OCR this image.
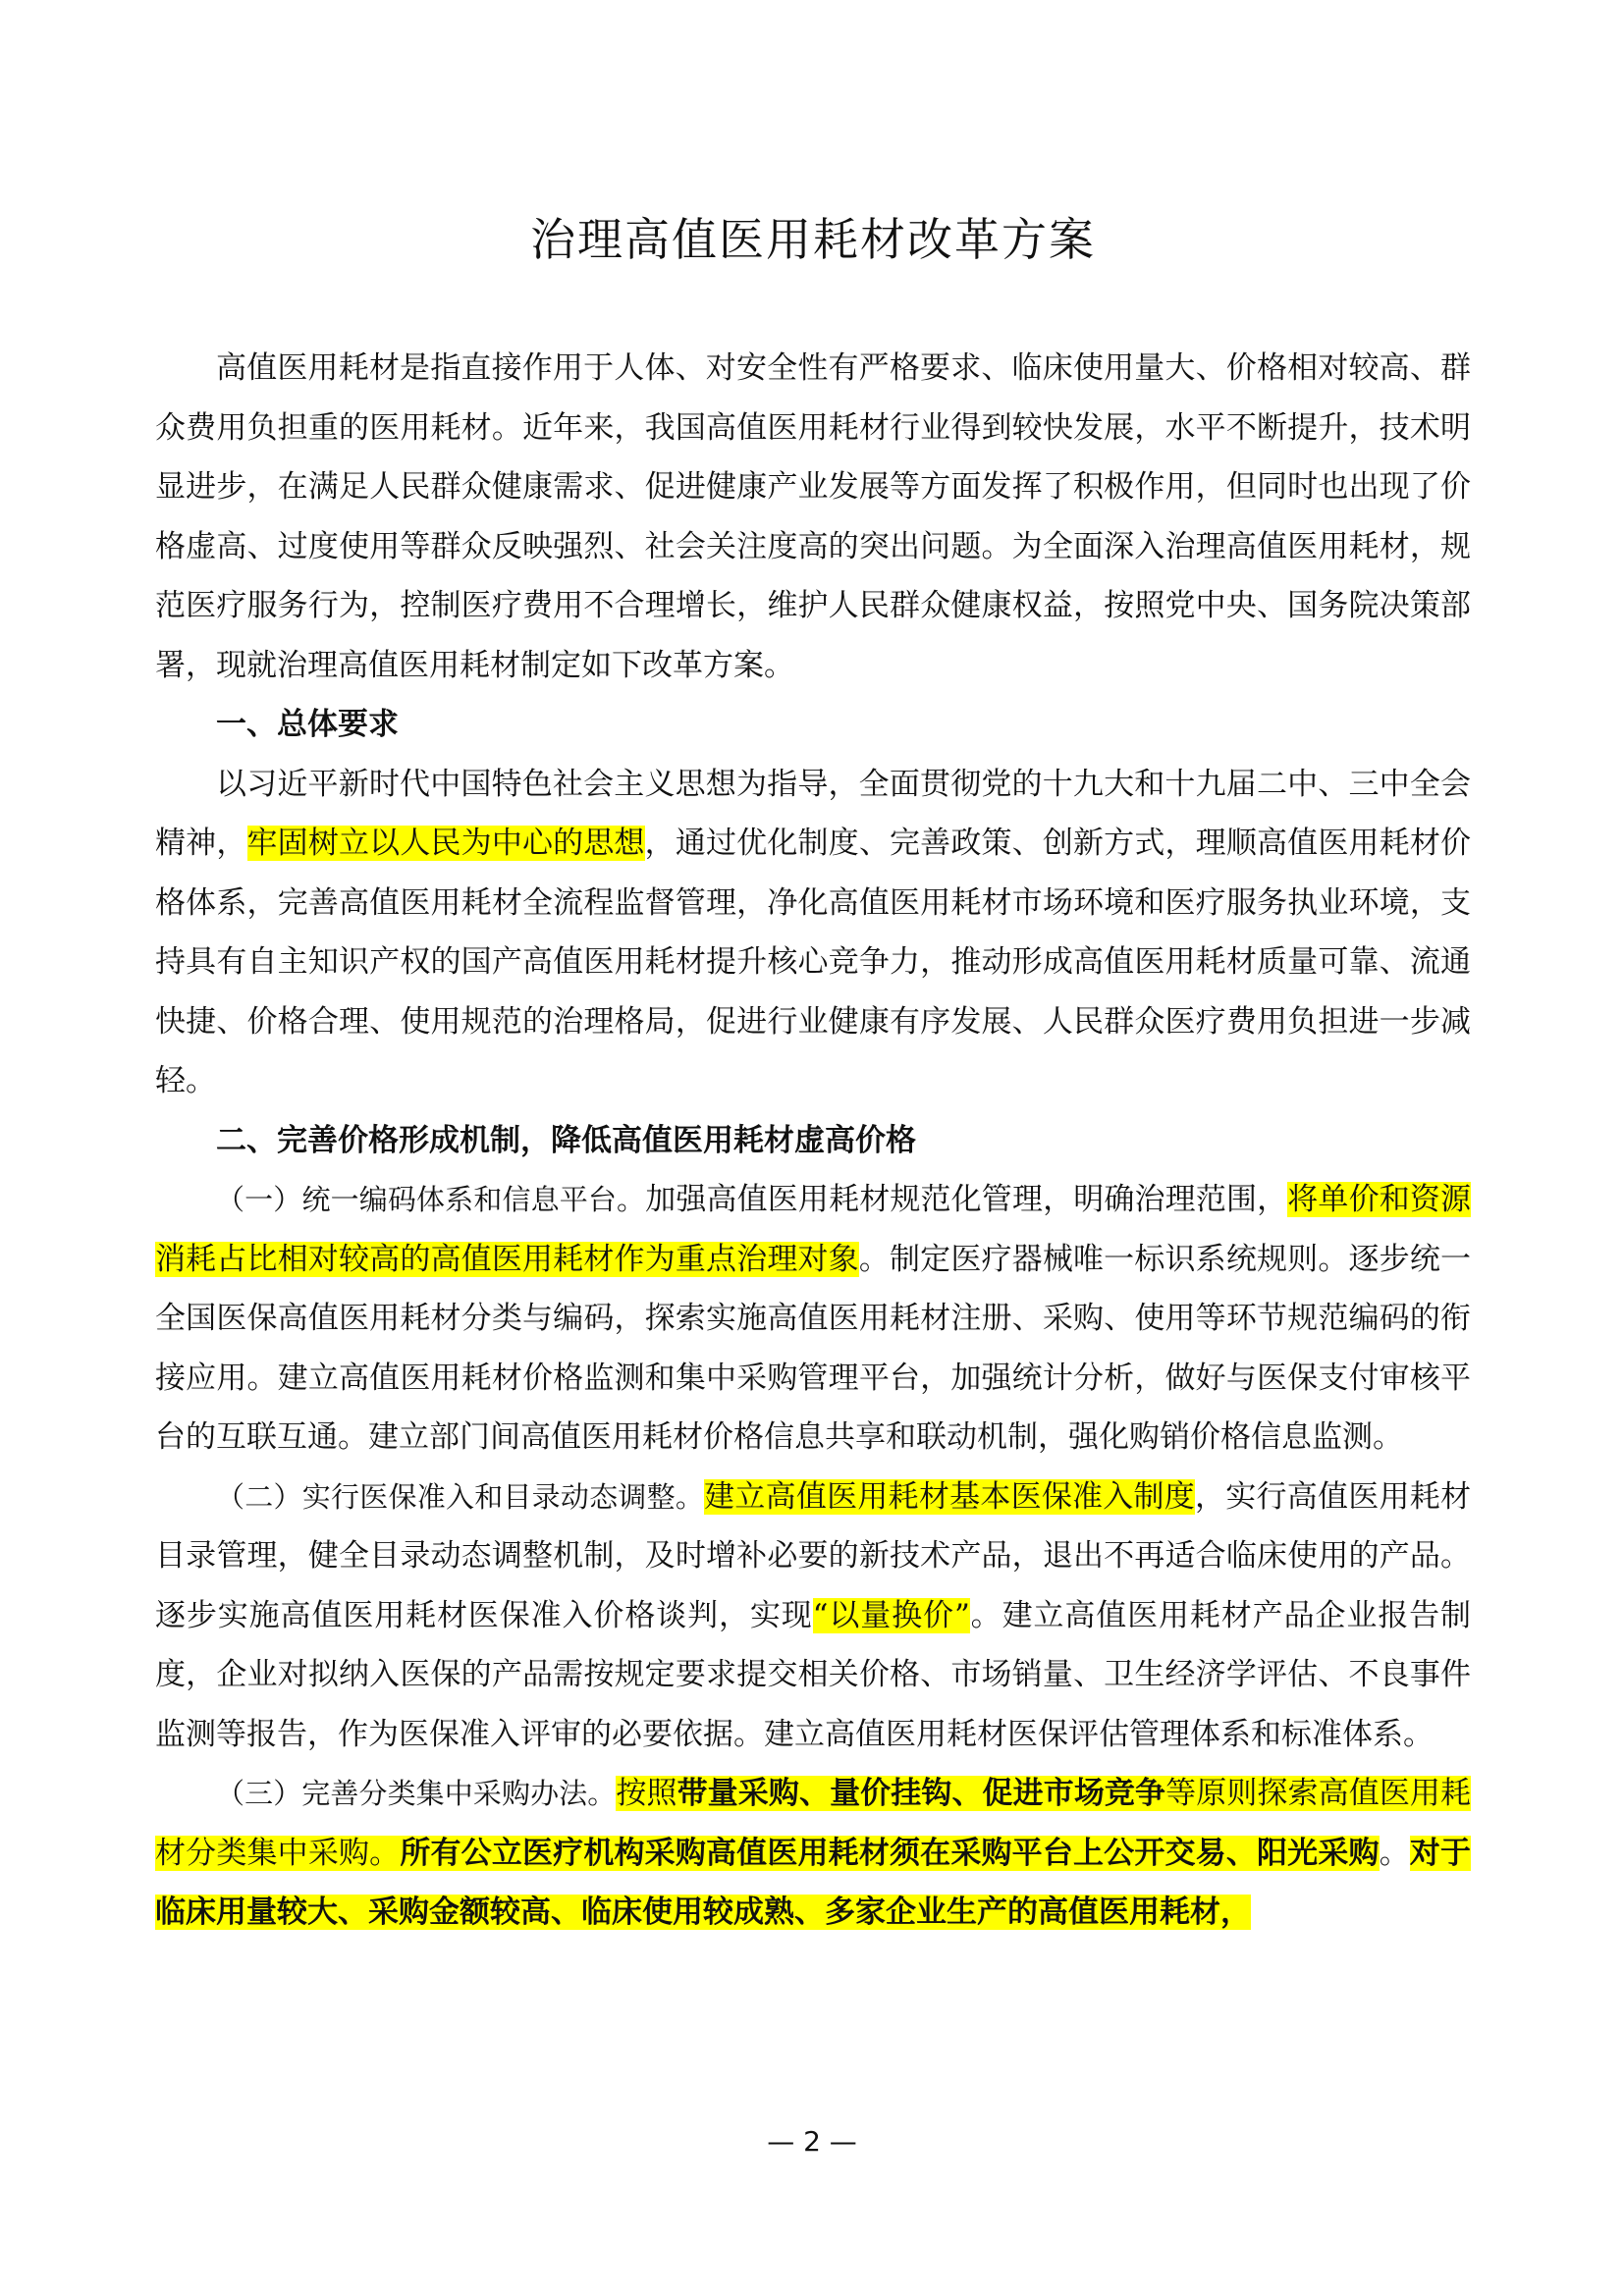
治理高值医用耗材改革方案

高值医用耗材是指直接作用于人体、对安全性有严格要求、临床使用量大、价格相对较高、群众费用负担重的医用耗材。近年来，我国高值医用耗材行业得到较快发展，水平不断提升，技术明显进步，在满足人民群众健康需求、促进健康产业发展等方面发挥了积极作用，但同时也出现了价格虚高、过度使用等群众反映强烈、社会关注度高的突出问题。为全面深入治理高值医用耗材，规范医疗服务行为，控制医疗费用不合理增长，维护人民群众健康权益，按照党中央、国务院决策部署，现就治理高值医用耗材制定如下改革方案。

一、总体要求

以习近平新时代中国特色社会主义思想为指导，全面贯彻党的十九大和十九届二中、三中全会精神，牢固树立以人民为中心的思想，通过优化制度、完善政策、创新方式，理顺高值医用耗材价格体系，完善高值医用耗材全流程监督管理，净化高值医用耗材市场环境和医疗服务执业环境，支持具有自主知识产权的国产高值医用耗材提升核心竞争力，推动形成高值医用耗材质量可靠、流通快捷、价格合理、使用规范的治理格局，促进行业健康有序发展、人民群众医疗费用负担进一步减轻。

二、完善价格形成机制，降低高值医用耗材虚高价格

（一）统一编码体系和信息平台。加强高值医用耗材规范化管理，明确治理范围，将单价和资源消耗占比相对较高的高值医用耗材作为重点治理对象。制定医疗器械唯一标识系统规则。逐步统一全国医保高值医用耗材分类与编码，探索实施高值医用耗材注册、采购、使用等环节规范编码的衔接应用。建立高值医用耗材价格监测和集中采购管理平台，加强统计分析，做好与医保支付审核平台的互联互通。建立部门间高值医用耗材价格信息共享和联动机制，强化购销价格信息监测。

（二）实行医保准入和目录动态调整。建立高值医用耗材基本医保准入制度，实行高值医用耗材目录管理，健全目录动态调整机制，及时增补必要的新技术产品，退出不再适合临床使用的产品。逐步实施高值医用耗材医保准入价格谈判，实现“以量换价”。建立高值医用耗材产品企业报告制度，企业对拟纳入医保的产品需按规定要求提交相关价格、市场销量、卫生经济学评估、不良事件监测等报告，作为医保准入评审的必要依据。建立高值医用耗材医保评估管理体系和标准体系。

（三）完善分类集中采购办法。按照带量采购、量价挂钩、促进市场竞争等原则探索高值医用耗材分类集中采购。所有公立医疗机构采购高值医用耗材须在采购平台上公开交易、阳光采购。对于临床用量较大、采购金额较高、临床使用较成熟、多家企业生产的高值医用耗材，

— 2 —
